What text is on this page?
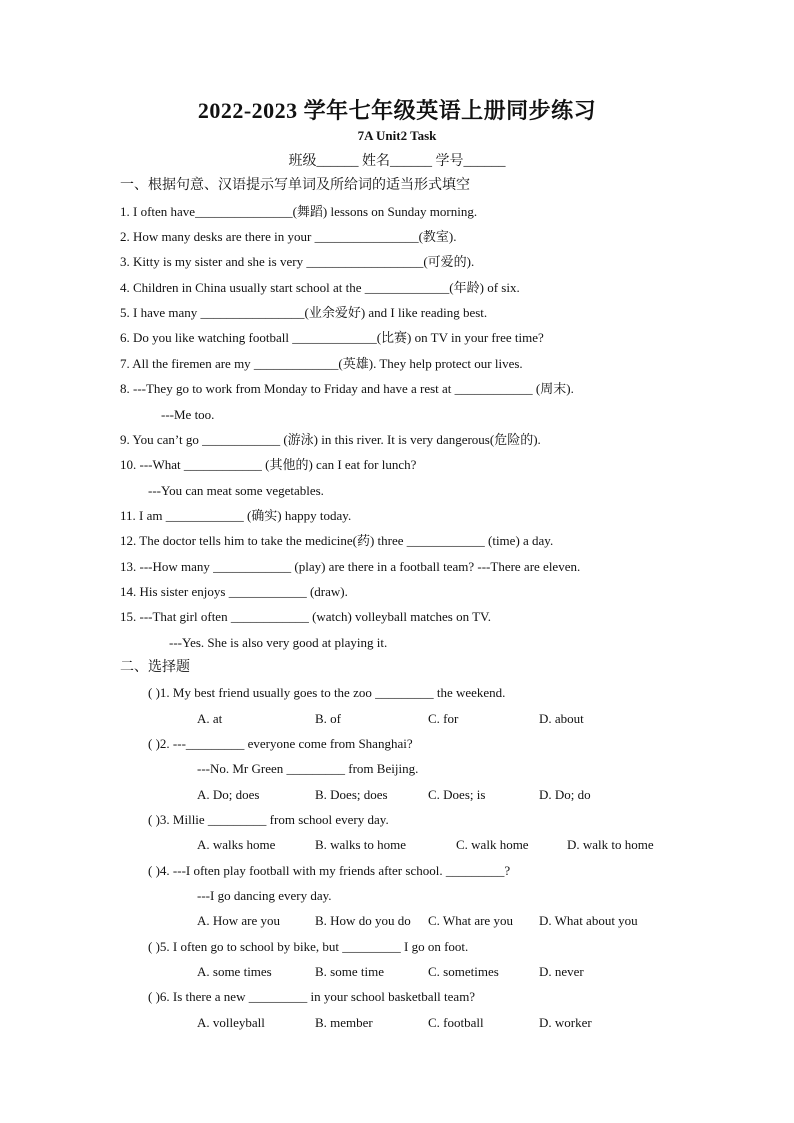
2022-2023 学年七年级英语上册同步练习
7A Unit2 Task
班级______ 姓名______ 学号______
一、根据句意、汉语提示写单词及所给词的适当形式填空
1. I often have_______________(舞蹈) lessons on Sunday morning.
2. How many desks are there in your ________________(教室).
3. Kitty is my sister and she is very __________________(可爱的).
4. Children in China usually start school at the _____________(年龄) of six.
5. I have many ________________(业余爱好) and I like reading best.
6. Do you like watching football _____________(比赛) on TV in your free time?
7. All the firemen are my _____________(英雄). They help protect our lives.
8. ---They go to work from Monday to Friday and have a rest at ____________ (周末).
---Me too.
9. You can’t go ____________ (游泳) in this river. It is very dangerous(危险的).
10. ---What ____________ (其他的) can I eat for lunch?
---You can meat some vegetables.
11. I am ____________ (确实) happy today.
12. The doctor tells him to take the medicine(药) three ____________ (time) a day.
13. ---How many ____________ (play) are there in a football team? ---There are eleven.
14. His sister enjoys ____________ (draw).
15. ---That girl often ____________ (watch) volleyball matches on TV.
---Yes. She is also very good at playing it.
二、选择题
( )1. My best friend usually goes to the zoo _________ the weekend.
A. at	B. of	C. for	D. about
( )2. ---_________ everyone come from Shanghai?
---No. Mr Green _________ from Beijing.
A. Do; does	B. Does; does	C. Does; is	D. Do; do
( )3. Millie _________ from school every day.
A. walks home	B. walks to home	C. walk home	D. walk to home
( )4. ---I often play football with my friends after school. _________?
---I go dancing every day.
A. How are you	B. How do you do C. What are you D. What about you
( )5. I often go to school by bike, but _________ I go on foot.
A. some times	B. some time	C. sometimes	D. never
( )6. Is there a new _________ in your school basketball team?
A. volleyball	B. member	C. football	D. worker
